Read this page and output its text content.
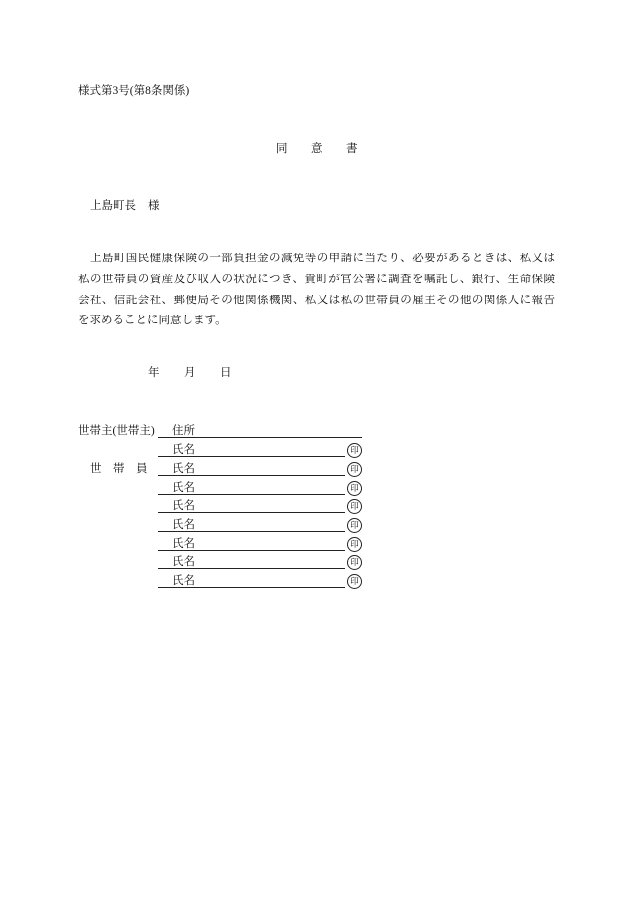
様式第3号(第8条関係)
同 意 書
上島町長 様
上島町国民健康保険の一部負担金の減免等の申請に当たり、必要があるときは、私又は
私の世帯員の資産及び収入の状況につき、貴町が官公署に調査を嘱託し、銀行、生命保険
会社、信託会社、郵便局その他関係機関、私又は私の世帯員の雇主その他の関係人に報告
を求めることに同意します。
年 月 日
世帯主(世帯主) 住所
氏名	印
世 帯 員 氏名	印
氏名	印
氏名	印
氏名	印
氏名	印
氏名	印
氏名	印
